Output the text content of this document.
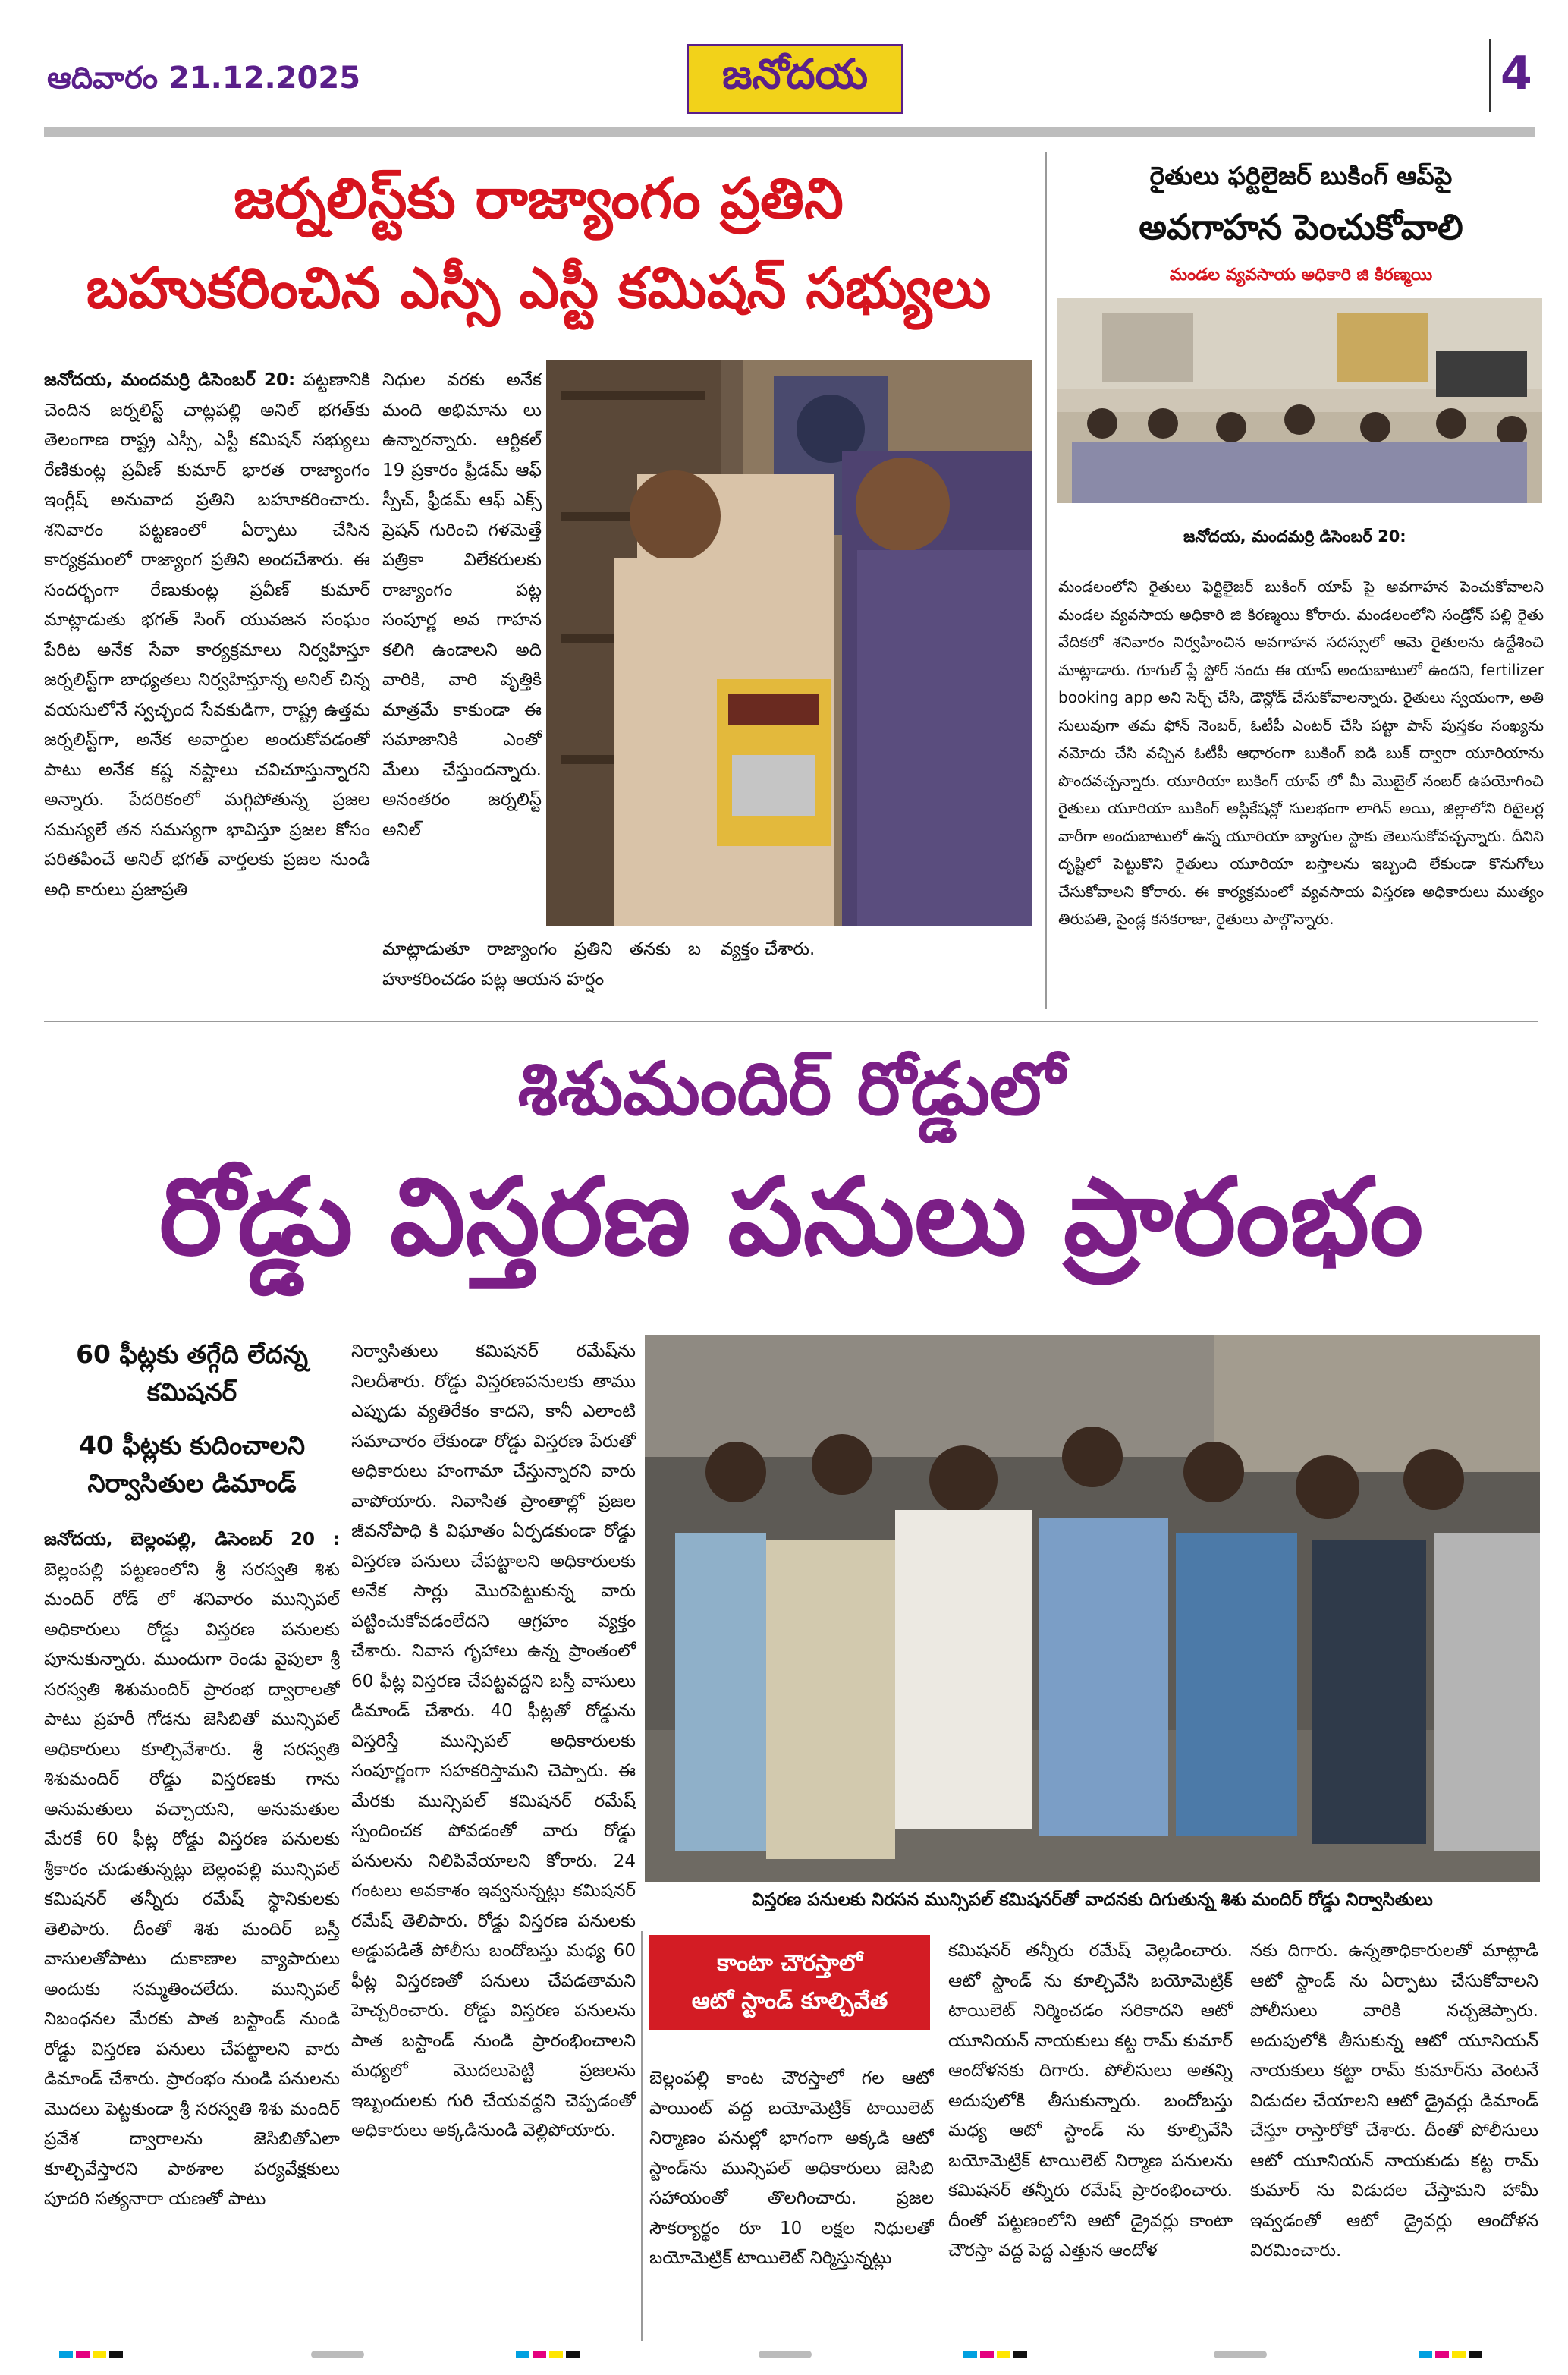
ఆదివారం 21.12.2025	జనోదయ	4
జర్నలిస్ట్‌కు రాజ్యాంగం ప్రతిని
బహుకరించిన ఎస్సీ ఎస్టీ కమిషన్ సభ్యులు
జనోదయ, మందమర్రి డిసెంబర్ 20: పట్టణానికి చెందిన జర్నలిస్ట్ చాట్లపల్లి అనిల్ భగత్‌కు తెలంగాణ రాష్ట్ర ఎస్సీ, ఎస్టీ కమిషన్ సభ్యులు రేణికుంట్ల ప్రవీణ్ కుమార్ భారత రాజ్యాంగం ఇంగ్లీష్ అనువాద ప్రతిని బహూకరించారు. శనివారం పట్టణంలో ఏర్పాటు చేసిన కార్యక్రమంలో రాజ్యాంగ ప్రతిని అందచేశారు. ఈ సందర్భంగా రేణుకుంట్ల ప్రవీణ్ కుమార్ మాట్లాడుతు భగత్ సింగ్ యువజన సంఘం పేరిట అనేక సేవా కార్యక్రమాలు నిర్వహిస్తూ జర్నలిస్ట్‌గా బాధ్యతలు నిర్వహిస్తూన్న అనిల్ చిన్న వయసులోనే స్వచ్ఛంద సేవకుడిగా, రాష్ట్ర ఉత్తమ జర్నలిస్ట్‌గా, అనేక అవార్డుల అందుకోవడంతో పాటు అనేక కష్ట నష్టాలు చవిచూస్తున్నారని అన్నారు. పేదరికంలో మగ్గిపోతున్న ప్రజల సమస్యలే తన సమస్యగా భావిస్తూ ప్రజల కోసం పరితపించే అనిల్ భగత్ వార్తలకు ప్రజల నుండి అధి కారులు ప్రజాప్రతి
నిధుల వరకు అనేక మంది అభిమాను లు ఉన్నారన్నారు. ఆర్టికల్ 19 ప్రకారం ఫ్రీడమ్ ఆఫ్ స్పీచ్, ఫ్రీడమ్ ఆఫ్ ఎక్స్ ప్రెషన్ గురించి గళమెత్తే పత్రికా విలేకరులకు రాజ్యాంగం పట్ల సంపూర్ణ అవ గాహన కలిగి ఉండాలని అది వారికి, వారి వృత్తికి మాత్రమే కాకుండా ఈ సమాజానికి ఎంతో మేలు చేస్తుందన్నారు. అనంతరం జర్నలిస్ట్ అనిల్
మాట్లాడుతూ రాజ్యాంగం ప్రతిని తనకు బ హూకరించడం పట్ల ఆయన హర్షం
వ్యక్తం చేశారు.
రైతులు ఫర్టిలైజర్ బుకింగ్ ఆప్‌పై
అవగాహన పెంచుకోవాలి
మండల వ్యవసాయ అధికారి జి కిరణ్మయి
జనోదయ, మందమర్రి డిసెంబర్ 20:
మండలంలోని రైతులు ఫెర్టిలైజర్ బుకింగ్ యాప్ పై అవగాహన పెంచుకోవాలని మండల వ్యవసాయ అధికారి జి కిరణ్మయి కోరారు. మండలంలోని సండ్రోన్ పల్లి రైతు వేదికలో శనివారం నిర్వహించిన అవగాహన సదస్సులో ఆమె రైతులను ఉద్దేశించి మాట్లాడారు. గూగుల్ ప్లే స్టోర్ నందు ఈ యాప్ అందుబాటులో ఉందని, fertilizer booking app అని సెర్చ్ చేసి, డౌన్లోడ్ చేసుకోవాలన్నారు. రైతులు స్వయంగా, అతి సులువుగా తమ ఫోన్ నెంబర్, ఓటీపీ ఎంటర్ చేసి పట్టా పాస్ పుస్తకం సంఖ్యను నమోదు చేసి వచ్చిన ఓటీపీ ఆధారంగా బుకింగ్ ఐడి బుక్ ద్వారా యూరియాను పొందవచ్చన్నారు. యూరియా బుకింగ్ యాప్ లో మీ మొబైల్ నంబర్ ఉపయోగించి రైతులు యూరియా బుకింగ్ అప్లికేషన్లో సులభంగా లాగిన్ అయి, జిల్లాలోని రిటైలర్ల వారీగా అందుబాటులో ఉన్న యూరియా బ్యాగుల స్టాకు తెలుసుకోవచ్చన్నారు. దీనిని దృష్టిలో పెట్టుకొని రైతులు యూరియా బస్తాలను ఇబ్బంది లేకుండా కొనుగోలు చేసుకోవాలని కోరారు. ఈ కార్యక్రమంలో వ్యవసాయ విస్తరణ అధికారులు ముత్యం తిరుపతి, సైండ్ల కనకరాజు, రైతులు పాల్గొన్నారు.
శిశుమందిర్ రోడ్డులో
రోడ్డు విస్తరణ పనులు ప్రారంభం
60 ఫీట్లకు తగ్గేది లేదన్న కమిషనర్
40 ఫీట్లకు కుదించాలని నిర్వాసితుల డిమాండ్
జనోదయ, బెల్లంపల్లి, డిసెంబర్ 20 : బెల్లంపల్లి పట్టణంలోని శ్రీ సరస్వతి శిశు మందిర్ రోడ్ లో శనివారం మున్సిపల్ అధికారులు రోడ్డు విస్తరణ పనులకు పూనుకున్నారు. ముందుగా రెండు వైపులా శ్రీ సరస్వతి శిశుమందిర్ ప్రారంభ ద్వారాలతో పాటు ప్రహరీ గోడను జెసిబితో మున్సిపల్ అధికారులు కూల్చివేశారు. శ్రీ సరస్వతి శిశుమందిర్ రోడ్డు విస్తరణకు గాను అనుమతులు వచ్చాయని, అనుమతుల మేరకే 60 ఫీట్ల రోడ్డు విస్తరణ పనులకు శ్రీకారం చుడుతున్నట్లు బెల్లంపల్లి మున్సిపల్ కమిషనర్ తన్నీరు రమేష్ స్థానికులకు తెలిపారు. దీంతో శిశు మందిర్ బస్తీ వాసులతోపాటు దుకాణాల వ్యాపారులు అందుకు సమ్మతించలేదు. మున్సిపల్ నిబంధనల మేరకు పాత బస్టాండ్ నుండి రోడ్డు విస్తరణ పనులు చేపట్టాలని వారు డిమాండ్ చేశారు. ప్రారంభం నుండి పనులను మొదలు పెట్టకుండా శ్రీ సరస్వతి శిశు మందిర్ ప్రవేశ ద్వారాలను జెసిబితోఎలా కూల్చివేస్తారని పాఠశాల పర్యవేక్షకులు పూదరి సత్యనారా యణతో పాటు
నిర్వాసితులు కమిషనర్ రమేష్‌ను నిలదీశారు. రోడ్డు విస్తరణపనులకు తాము ఎప్పుడు వ్యతిరేకం కాదని, కానీ ఎలాంటి సమాచారం లేకుండా రోడ్డు విస్తరణ పేరుతో అధికారులు హంగామా చేస్తున్నారని వారు వాపోయారు. నివాసిత ప్రాంతాల్లో ప్రజల జీవనోపాధి కి విఘాతం ఏర్పడకుండా రోడ్డు విస్తరణ పనులు చేపట్టాలని అధికారులకు అనేక సార్లు మొరపెట్టుకున్న వారు పట్టించుకోవడంలేదని ఆగ్రహం వ్యక్తం చేశారు. నివాస గృహాలు ఉన్న ప్రాంతంలో 60 ఫీట్ల విస్తరణ చేపట్టవద్దని బస్తీ వాసులు డిమాండ్ చేశారు. 40 ఫీట్లతో రోడ్డును విస్తరిస్తే మున్సిపల్ అధికారులకు సంపూర్ణంగా సహకరిస్తామని చెప్పారు. ఈ మేరకు మున్సిపల్ కమిషనర్ రమేష్ స్పందించక పోవడంతో వారు రోడ్డు పనులను నిలిపివేయాలని కోరారు. 24 గంటలు అవకాశం ఇవ్వనున్నట్లు కమిషనర్ రమేష్ తెలిపారు. రోడ్డు విస్తరణ పనులకు అడ్డుపడితే పోలీసు బందోబస్తు మధ్య 60 ఫీట్ల విస్తరణతో పనులు చేపడతామని హెచ్చరించారు. రోడ్డు విస్తరణ పనులను పాత బస్టాండ్ నుండి ప్రారంభించాలని మధ్యలో మొదలుపెట్టి ప్రజలను ఇబ్బందులకు గురి చేయవద్దని చెప్పడంతో అధికారులు అక్కడినుండి వెల్లిపోయారు.
విస్తరణ పనులకు నిరసన మున్సిపల్ కమిషనర్‌తో వాదనకు దిగుతున్న శిశు మందిర్ రోడ్డు నిర్వాసితులు
కాంటా చౌరస్తాలో
ఆటో స్టాండ్ కూల్చివేత
బెల్లంపల్లి కాంట చౌరస్తాలో గల ఆటో పాయింట్ వద్ద బయోమెట్రిక్ టాయిలెట్ నిర్మాణం పనుల్లో భాగంగా అక్కడి ఆటో స్టాండ్‌ను మున్సిపల్ అధికారులు జెసిబి సహాయంతో తొలగించారు. ప్రజల సౌకర్యార్థం రూ 10 లక్షల నిధులతో బయోమెట్రిక్ టాయిలెట్ నిర్మిస్తున్నట్లు
కమిషనర్ తన్నీరు రమేష్ వెల్లడించారు. ఆటో స్టాండ్ ను కూల్చివేసి బయోమెట్రిక్ టాయిలెట్ నిర్మించడం సరికాదని ఆటో యూనియన్ నాయకులు కట్ట రామ్ కుమార్ ఆందోళనకు దిగారు. పోలీసులు అతన్ని అదుపులోకి తీసుకున్నారు. బందోబస్తు మధ్య ఆటో స్టాండ్ ను కూల్చివేసి బయోమెట్రిక్ టాయిలెట్ నిర్మాణ పనులను కమిషనర్ తన్నీరు రమేష్ ప్రారంభించారు. దీంతో పట్టణంలోని ఆటో డ్రైవర్లు కాంటా చౌరస్తా వద్ద పెద్ద ఎత్తున ఆందోళ
నకు దిగారు. ఉన్నతాధికారులతో మాట్లాడి ఆటో స్టాండ్ ను ఏర్పాటు చేసుకోవాలని పోలీసులు వారికి నచ్చజెప్పారు. అదుపులోకి తీసుకున్న ఆటో యూనియన్ నాయకులు కట్టా రామ్ కుమార్‌ను వెంటనే విడుదల చేయాలని ఆటో డ్రైవర్లు డిమాండ్ చేస్తూ రాస్తారోకో చేశారు. దీంతో పోలీసులు ఆటో యూనియన్ నాయకుడు కట్ట రామ్ కుమార్ ను విడుదల చేస్తామని హామీ ఇవ్వడంతో ఆటో డ్రైవర్లు ఆందోళన విరమించారు.
